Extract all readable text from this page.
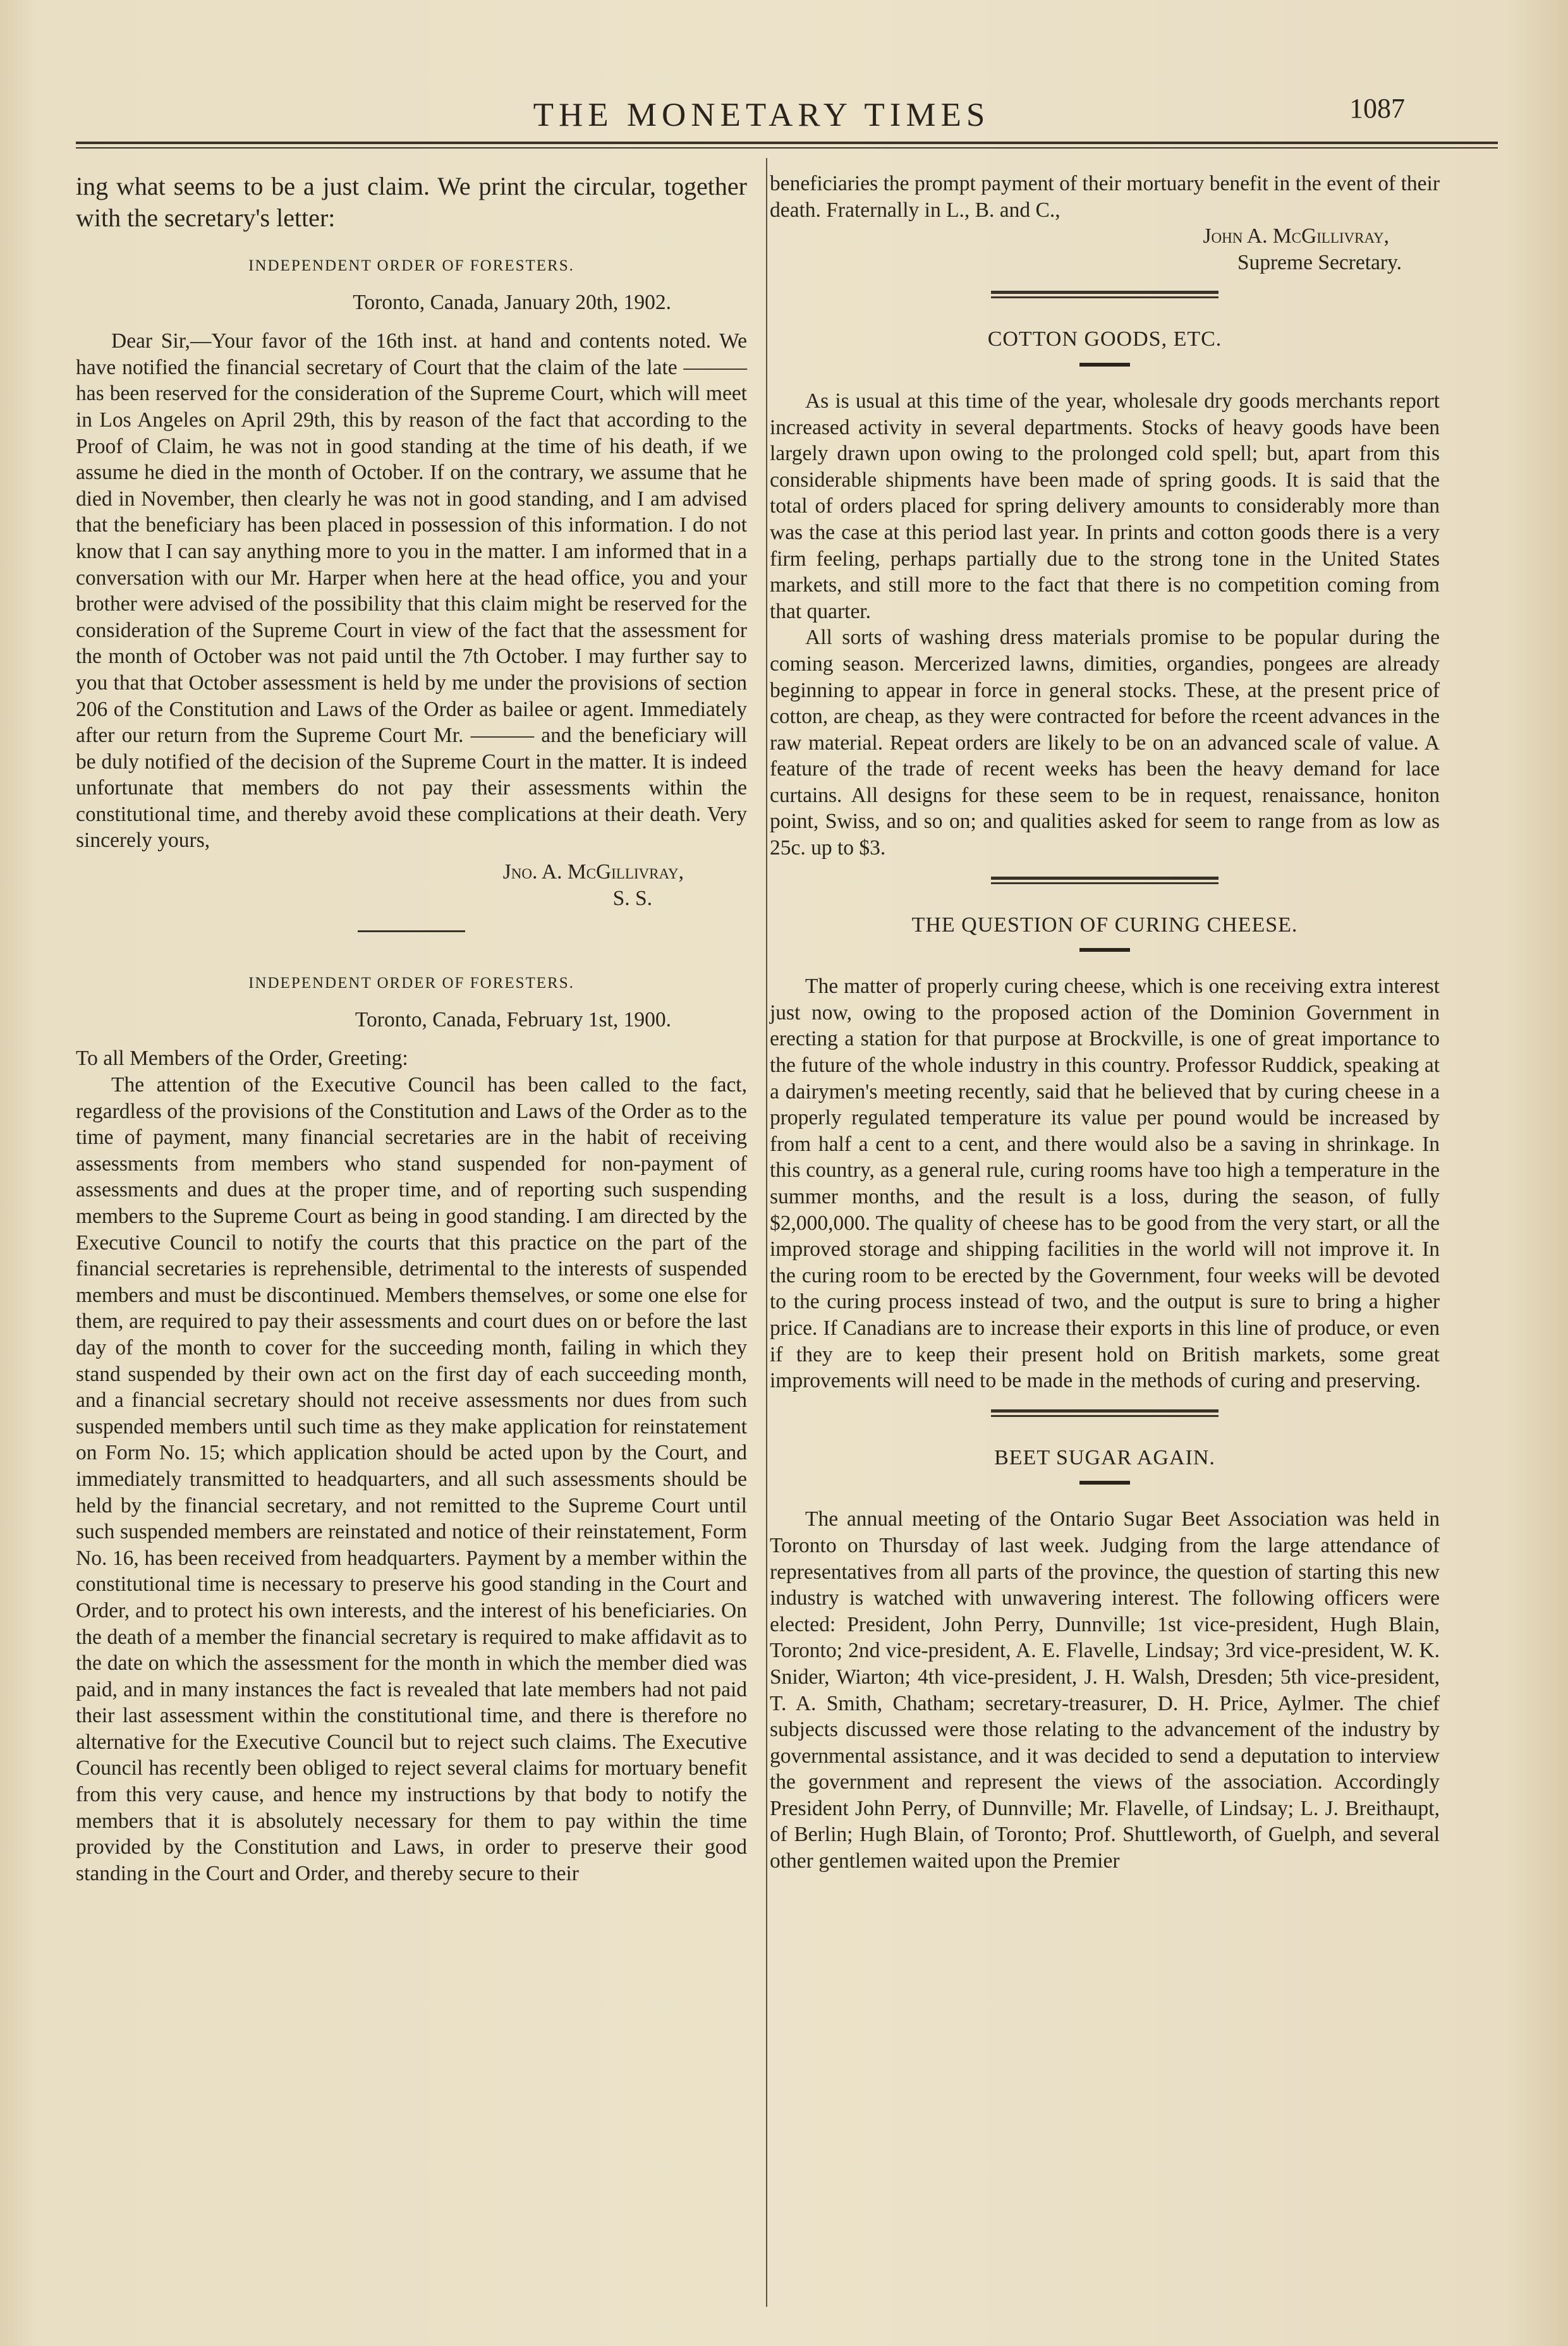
THE MONETARY TIMES	1087

ing what seems to be a just claim. We print the circular, together with the secretary's letter:

INDEPENDENT ORDER OF FORESTERS.

Toronto, Canada, January 20th, 1902.

Dear Sir,—Your favor of the 16th inst. at hand and contents noted. We have notified the financial secretary of Court that the claim of the late ——— has been reserved for the consideration of the Supreme Court, which will meet in Los Angeles on April 29th, this by reason of the fact that according to the Proof of Claim, he was not in good standing at the time of his death, if we assume he died in the month of October. If on the contrary, we assume that he died in November, then clearly he was not in good standing, and I am advised that the beneficiary has been placed in possession of this information. I do not know that I can say anything more to you in the matter. I am informed that in a conversation with our Mr. Harper when here at the head office, you and your brother were advised of the possibility that this claim might be reserved for the consideration of the Supreme Court in view of the fact that the assessment for the month of October was not paid until the 7th October. I may further say to you that that October assessment is held by me under the provisions of section 206 of the Constitution and Laws of the Order as bailee or agent. Immediately after our return from the Supreme Court Mr. ——— and the beneficiary will be duly notified of the decision of the Supreme Court in the matter. It is indeed unfortunate that members do not pay their assessments within the constitutional time, and thereby avoid these complications at their death. Very sincerely yours,

Jno. A. McGillivray,

S. S.

INDEPENDENT ORDER OF FORESTERS.

Toronto, Canada, February 1st, 1900.

To all Members of the Order, Greeting:

The attention of the Executive Council has been called to the fact, regardless of the provisions of the Constitution and Laws of the Order as to the time of payment, many financial secretaries are in the habit of receiving assessments from members who stand suspended for non-payment of assessments and dues at the proper time, and of reporting such suspending members to the Supreme Court as being in good standing. I am directed by the Executive Council to notify the courts that this practice on the part of the financial secretaries is reprehensible, detrimental to the interests of suspended members and must be discontinued. Members themselves, or some one else for them, are required to pay their assessments and court dues on or before the last day of the month to cover for the succeeding month, failing in which they stand suspended by their own act on the first day of each succeeding month, and a financial secretary should not receive assessments nor dues from such suspended members until such time as they make application for reinstatement on Form No. 15; which application should be acted upon by the Court, and immediately transmitted to headquarters, and all such assessments should be held by the financial secretary, and not remitted to the Supreme Court until such suspended members are reinstated and notice of their reinstatement, Form No. 16, has been received from headquarters. Payment by a member within the constitutional time is necessary to preserve his good standing in the Court and Order, and to protect his own interests, and the interest of his beneficiaries. On the death of a member the financial secretary is required to make affidavit as to the date on which the assessment for the month in which the member died was paid, and in many instances the fact is revealed that late members had not paid their last assessment within the constitutional time, and there is therefore no alternative for the Executive Council but to reject such claims. The Executive Council has recently been obliged to reject several claims for mortuary benefit from this very cause, and hence my instructions by that body to notify the members that it is absolutely necessary for them to pay within the time provided by the Constitution and Laws, in order to preserve their good standing in the Court and Order, and thereby secure to their

beneficiaries the prompt payment of their mortuary benefit in the event of their death. Fraternally in L., B. and C.,

John A. McGillivray,

Supreme Secretary.

COTTON GOODS, ETC.

As is usual at this time of the year, wholesale dry goods merchants report increased activity in several departments. Stocks of heavy goods have been largely drawn upon owing to the prolonged cold spell; but, apart from this considerable shipments have been made of spring goods. It is said that the total of orders placed for spring delivery amounts to considerably more than was the case at this period last year. In prints and cotton goods there is a very firm feeling, perhaps partially due to the strong tone in the United States markets, and still more to the fact that there is no competition coming from that quarter.

All sorts of washing dress materials promise to be popular during the coming season. Mercerized lawns, dimities, organdies, pongees are already beginning to appear in force in general stocks. These, at the present price of cotton, are cheap, as they were contracted for before the rceent advances in the raw material. Repeat orders are likely to be on an advanced scale of value. A feature of the trade of recent weeks has been the heavy demand for lace curtains. All designs for these seem to be in request, renaissance, honiton point, Swiss, and so on; and qualities asked for seem to range from as low as 25c. up to $3.

THE QUESTION OF CURING CHEESE.

The matter of properly curing cheese, which is one receiving extra interest just now, owing to the proposed action of the Dominion Government in erecting a station for that purpose at Brockville, is one of great importance to the future of the whole industry in this country. Professor Ruddick, speaking at a dairymen's meeting recently, said that he believed that by curing cheese in a properly regulated temperature its value per pound would be increased by from half a cent to a cent, and there would also be a saving in shrinkage. In this country, as a general rule, curing rooms have too high a temperature in the summer months, and the result is a loss, during the season, of fully $2,000,000. The quality of cheese has to be good from the very start, or all the improved storage and shipping facilities in the world will not improve it. In the curing room to be erected by the Government, four weeks will be devoted to the curing process instead of two, and the output is sure to bring a higher price. If Canadians are to increase their exports in this line of produce, or even if they are to keep their present hold on British markets, some great improvements will need to be made in the methods of curing and preserving.

BEET SUGAR AGAIN.

The annual meeting of the Ontario Sugar Beet Association was held in Toronto on Thursday of last week. Judging from the large attendance of representatives from all parts of the province, the question of starting this new industry is watched with unwavering interest. The following officers were elected: President, John Perry, Dunnville; 1st vice-president, Hugh Blain, Toronto; 2nd vice-president, A. E. Flavelle, Lindsay; 3rd vice-president, W. K. Snider, Wiarton; 4th vice-president, J. H. Walsh, Dresden; 5th vice-president, T. A. Smith, Chatham; secretary-treasurer, D. H. Price, Aylmer. The chief subjects discussed were those relating to the advancement of the industry by governmental assistance, and it was decided to send a deputation to interview the government and represent the views of the association. Accordingly President John Perry, of Dunnville; Mr. Flavelle, of Lindsay; L. J. Breithaupt, of Berlin; Hugh Blain, of Toronto; Prof. Shuttleworth, of Guelph, and several other gentlemen waited upon the Premier
